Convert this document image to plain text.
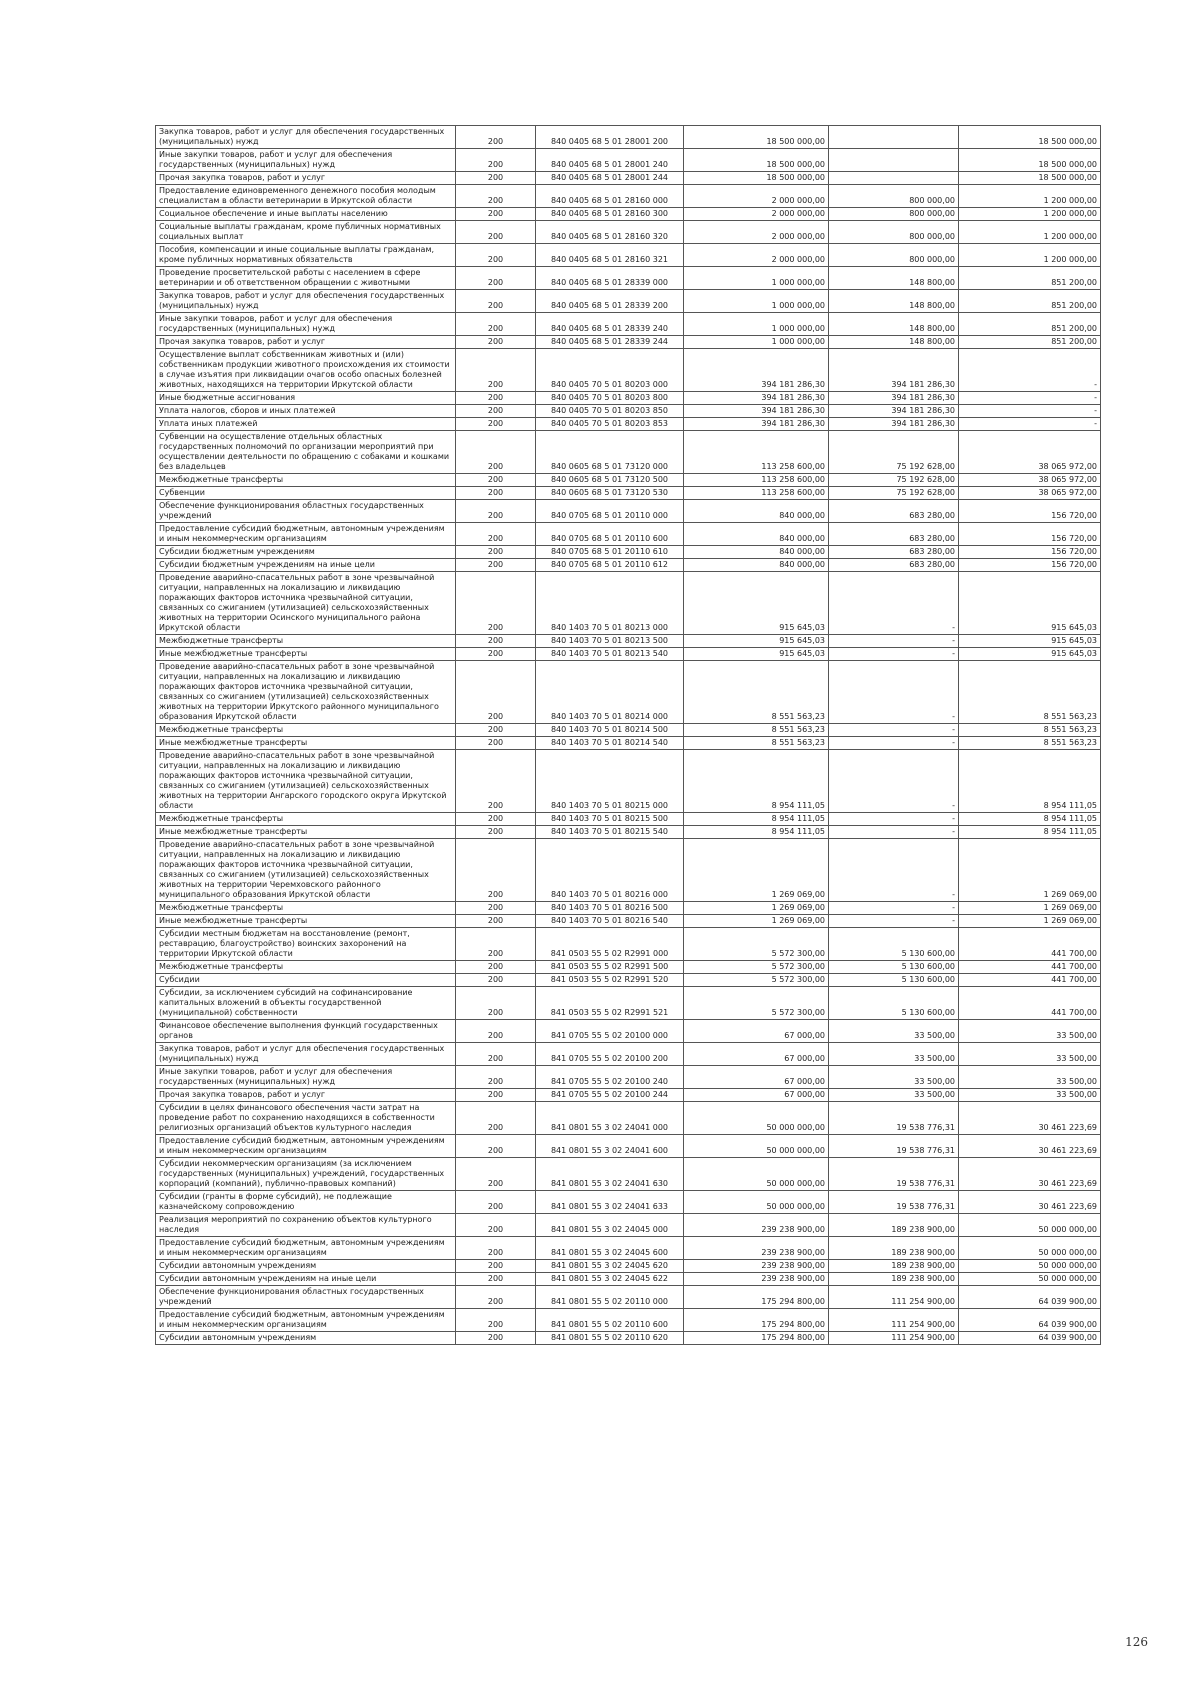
Закупка товаров, работ и услуг для обеспечения государственных (муниципальных) нужд	200	840 0405 68 5 01 28001 200	18 500 000,00		18 500 000,00
Иные закупки товаров, работ и услуг для обеспечения государственных (муниципальных) нужд	200	840 0405 68 5 01 28001 240	18 500 000,00		18 500 000,00
Прочая закупка товаров, работ и услуг	200	840 0405 68 5 01 28001 244	18 500 000,00		18 500 000,00
Предоставление единовременного денежного пособия молодым специалистам в области ветеринарии в Иркутской области	200	840 0405 68 5 01 28160 000	2 000 000,00	800 000,00	1 200 000,00
Социальное обеспечение и иные выплаты населению	200	840 0405 68 5 01 28160 300	2 000 000,00	800 000,00	1 200 000,00
Социальные выплаты гражданам, кроме публичных нормативных социальных выплат	200	840 0405 68 5 01 28160 320	2 000 000,00	800 000,00	1 200 000,00
Пособия, компенсации и иные социальные выплаты гражданам, кроме публичных нормативных обязательств	200	840 0405 68 5 01 28160 321	2 000 000,00	800 000,00	1 200 000,00
Проведение просветительской работы с населением в сфере ветеринарии и об ответственном обращении с животными	200	840 0405 68 5 01 28339 000	1 000 000,00	148 800,00	851 200,00
Закупка товаров, работ и услуг для обеспечения государственных (муниципальных) нужд	200	840 0405 68 5 01 28339 200	1 000 000,00	148 800,00	851 200,00
Иные закупки товаров, работ и услуг для обеспечения государственных (муниципальных) нужд	200	840 0405 68 5 01 28339 240	1 000 000,00	148 800,00	851 200,00
Прочая закупка товаров, работ и услуг	200	840 0405 68 5 01 28339 244	1 000 000,00	148 800,00	851 200,00
Осуществление выплат собственникам животных и (или) собственникам продукции животного происхождения их стоимости в случае изъятия при ликвидации очагов особо опасных болезней животных, находящихся на территории Иркутской области	200	840 0405 70 5 01 80203 000	394 181 286,30	394 181 286,30	-
Иные бюджетные ассигнования	200	840 0405 70 5 01 80203 800	394 181 286,30	394 181 286,30	-
Уплата налогов, сборов и иных платежей	200	840 0405 70 5 01 80203 850	394 181 286,30	394 181 286,30	-
Уплата иных платежей	200	840 0405 70 5 01 80203 853	394 181 286,30	394 181 286,30	-
Субвенции на осуществление отдельных областных государственных полномочий по организации мероприятий при осуществлении деятельности по обращению с собаками и кошками без владельцев	200	840 0605 68 5 01 73120 000	113 258 600,00	75 192 628,00	38 065 972,00
Межбюджетные трансферты	200	840 0605 68 5 01 73120 500	113 258 600,00	75 192 628,00	38 065 972,00
Субвенции	200	840 0605 68 5 01 73120 530	113 258 600,00	75 192 628,00	38 065 972,00
Обеспечение функционирования областных государственных учреждений	200	840 0705 68 5 01 20110 000	840 000,00	683 280,00	156 720,00
Предоставление субсидий бюджетным, автономным учреждениям и иным некоммерческим организациям	200	840 0705 68 5 01 20110 600	840 000,00	683 280,00	156 720,00
Субсидии бюджетным учреждениям	200	840 0705 68 5 01 20110 610	840 000,00	683 280,00	156 720,00
Субсидии бюджетным учреждениям на иные цели	200	840 0705 68 5 01 20110 612	840 000,00	683 280,00	156 720,00
Проведение аварийно-спасательных работ в зоне чрезвычайной ситуации, направленных на локализацию и ликвидацию поражающих факторов источника чрезвычайной ситуации, связанных со сжиганием (утилизацией) сельскохозяйственных животных на территории Осинского муниципального района Иркутской области	200	840 1403 70 5 01 80213 000	915 645,03	-	915 645,03
Межбюджетные трансферты	200	840 1403 70 5 01 80213 500	915 645,03	-	915 645,03
Иные межбюджетные трансферты	200	840 1403 70 5 01 80213 540	915 645,03	-	915 645,03
Проведение аварийно-спасательных работ в зоне чрезвычайной ситуации, направленных на локализацию и ликвидацию поражающих факторов источника чрезвычайной ситуации, связанных со сжиганием (утилизацией) сельскохозяйственных животных на территории Иркутского районного муниципального образования Иркутской области	200	840 1403 70 5 01 80214 000	8 551 563,23	-	8 551 563,23
Межбюджетные трансферты	200	840 1403 70 5 01 80214 500	8 551 563,23	-	8 551 563,23
Иные межбюджетные трансферты	200	840 1403 70 5 01 80214 540	8 551 563,23	-	8 551 563,23
Проведение аварийно-спасательных работ в зоне чрезвычайной ситуации, направленных на локализацию и ликвидацию поражающих факторов источника чрезвычайной ситуации, связанных со сжиганием (утилизацией) сельскохозяйственных животных на территории Ангарского городского округа Иркутской области	200	840 1403 70 5 01 80215 000	8 954 111,05	-	8 954 111,05
Межбюджетные трансферты	200	840 1403 70 5 01 80215 500	8 954 111,05	-	8 954 111,05
Иные межбюджетные трансферты	200	840 1403 70 5 01 80215 540	8 954 111,05	-	8 954 111,05
Проведение аварийно-спасательных работ в зоне чрезвычайной ситуации, направленных на локализацию и ликвидацию поражающих факторов источника чрезвычайной ситуации, связанных со сжиганием (утилизацией) сельскохозяйственных животных на территории Черемховского районного муниципального образования Иркутской области	200	840 1403 70 5 01 80216 000	1 269 069,00	-	1 269 069,00
Межбюджетные трансферты	200	840 1403 70 5 01 80216 500	1 269 069,00	-	1 269 069,00
Иные межбюджетные трансферты	200	840 1403 70 5 01 80216 540	1 269 069,00	-	1 269 069,00
Субсидии местным бюджетам на восстановление (ремонт, реставрацию, благоустройство) воинских захоронений на территории Иркутской области	200	841 0503 55 5 02 R2991 000	5 572 300,00	5 130 600,00	441 700,00
Межбюджетные трансферты	200	841 0503 55 5 02 R2991 500	5 572 300,00	5 130 600,00	441 700,00
Субсидии	200	841 0503 55 5 02 R2991 520	5 572 300,00	5 130 600,00	441 700,00
Субсидии, за исключением субсидий на софинансирование капитальных вложений в объекты государственной (муниципальной) собственности	200	841 0503 55 5 02 R2991 521	5 572 300,00	5 130 600,00	441 700,00
Финансовое обеспечение выполнения функций государственных органов	200	841 0705 55 5 02 20100 000	67 000,00	33 500,00	33 500,00
Закупка товаров, работ и услуг для обеспечения государственных (муниципальных) нужд	200	841 0705 55 5 02 20100 200	67 000,00	33 500,00	33 500,00
Иные закупки товаров, работ и услуг для обеспечения государственных (муниципальных) нужд	200	841 0705 55 5 02 20100 240	67 000,00	33 500,00	33 500,00
Прочая закупка товаров, работ и услуг	200	841 0705 55 5 02 20100 244	67 000,00	33 500,00	33 500,00
Субсидии в целях финансового обеспечения части затрат на проведение работ по сохранению находящихся в собственности религиозных организаций объектов культурного наследия	200	841 0801 55 3 02 24041 000	50 000 000,00	19 538 776,31	30 461 223,69
Предоставление субсидий бюджетным, автономным учреждениям и иным некоммерческим организациям	200	841 0801 55 3 02 24041 600	50 000 000,00	19 538 776,31	30 461 223,69
Субсидии некоммерческим организациям (за исключением государственных (муниципальных) учреждений, государственных корпораций (компаний), публично-правовых компаний)	200	841 0801 55 3 02 24041 630	50 000 000,00	19 538 776,31	30 461 223,69
Субсидии (гранты в форме субсидий), не подлежащие казначейскому сопровождению	200	841 0801 55 3 02 24041 633	50 000 000,00	19 538 776,31	30 461 223,69
Реализация мероприятий по сохранению объектов культурного наследия	200	841 0801 55 3 02 24045 000	239 238 900,00	189 238 900,00	50 000 000,00
Предоставление субсидий бюджетным, автономным учреждениям и иным некоммерческим организациям	200	841 0801 55 3 02 24045 600	239 238 900,00	189 238 900,00	50 000 000,00
Субсидии автономным учреждениям	200	841 0801 55 3 02 24045 620	239 238 900,00	189 238 900,00	50 000 000,00
Субсидии автономным учреждениям на иные цели	200	841 0801 55 3 02 24045 622	239 238 900,00	189 238 900,00	50 000 000,00
Обеспечение функционирования областных государственных учреждений	200	841 0801 55 5 02 20110 000	175 294 800,00	111 254 900,00	64 039 900,00
Предоставление субсидий бюджетным, автономным учреждениям и иным некоммерческим организациям	200	841 0801 55 5 02 20110 600	175 294 800,00	111 254 900,00	64 039 900,00
Субсидии автономным учреждениям	200	841 0801 55 5 02 20110 620	175 294 800,00	111 254 900,00	64 039 900,00
126
